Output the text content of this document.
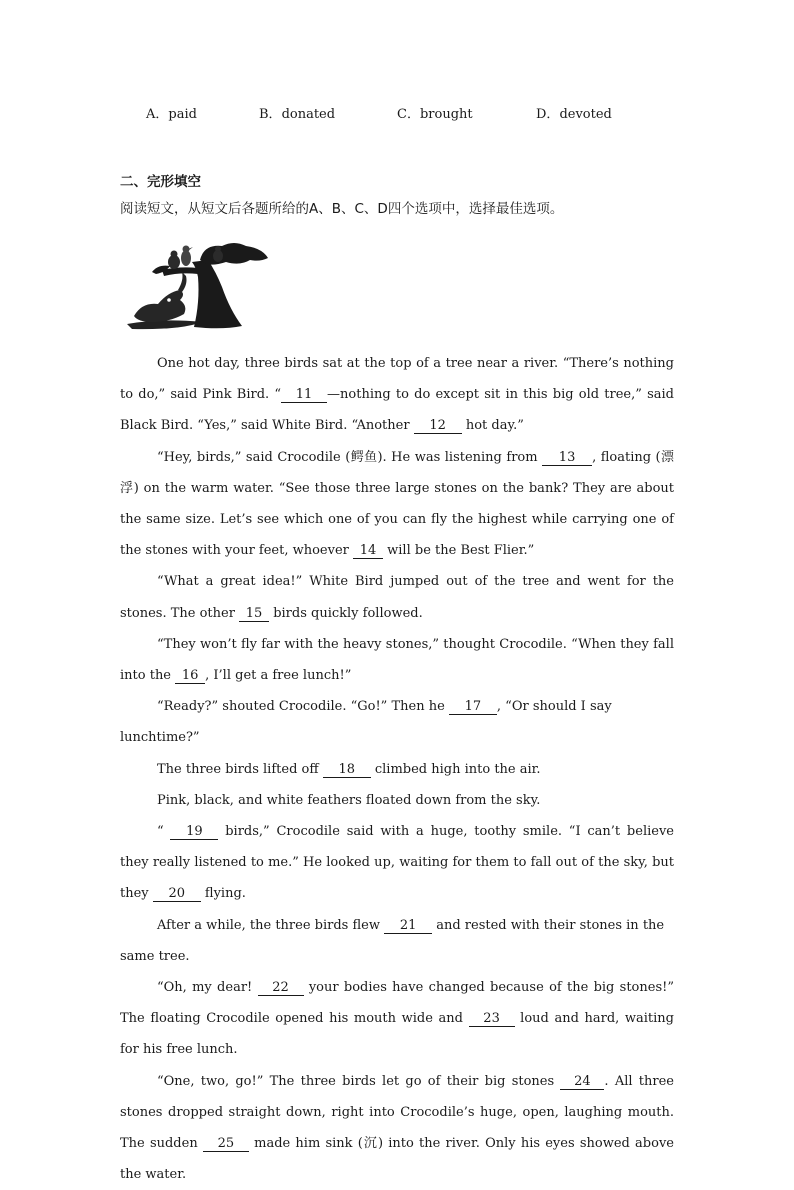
A．paid	B．donated	C．brought	D．devoted
二、完形填空
阅读短文，从短文后各题所给的A、B、C、D四个选项中，选择最佳选项。

One hot day, three birds sat at the top of a tree near a river. “There’s nothing to do,” said Pink Bird. “ 11 —nothing to do except sit in this big old tree,” said Black Bird. “Yes,” said White Bird. “Another 12 hot day.”

“Hey, birds,” said Crocodile (鳄鱼). He was listening from 13 , floating (漂浮) on the warm water. “See those three large stones on the bank? They are about the same size. Let’s see which one of you can fly the highest while carrying one of the stones with your feet, whoever 14 will be the Best Flier.”

“What a great idea!” White Bird jumped out of the tree and went for the stones. The other 15 birds quickly followed.

“They won’t fly far with the heavy stones,” thought Crocodile. “When they fall into the 16 , I’ll get a free lunch!”

“Ready?” shouted Crocodile. “Go!” Then he 17 , “Or should I say lunchtime?”

The three birds lifted off 18 climbed high into the air.

Pink, black, and white feathers floated down from the sky.

“ 19 birds,” Crocodile said with a huge, toothy smile. “I can’t believe they really listened to me.” He looked up, waiting for them to fall out of the sky, but they 20 flying.

After a while, the three birds flew 21 and rested with their stones in the same tree.

“Oh, my dear! 22 your bodies have changed because of the big stones!” The floating Crocodile opened his mouth wide and 23 loud and hard, waiting for his free lunch.

“One, two, go!” The three birds let go of their big stones 24 . All three stones dropped straight down, right into Crocodile’s huge, open, laughing mouth. The sudden 25 made him sink (沉) into the river. Only his eyes showed above the water.
